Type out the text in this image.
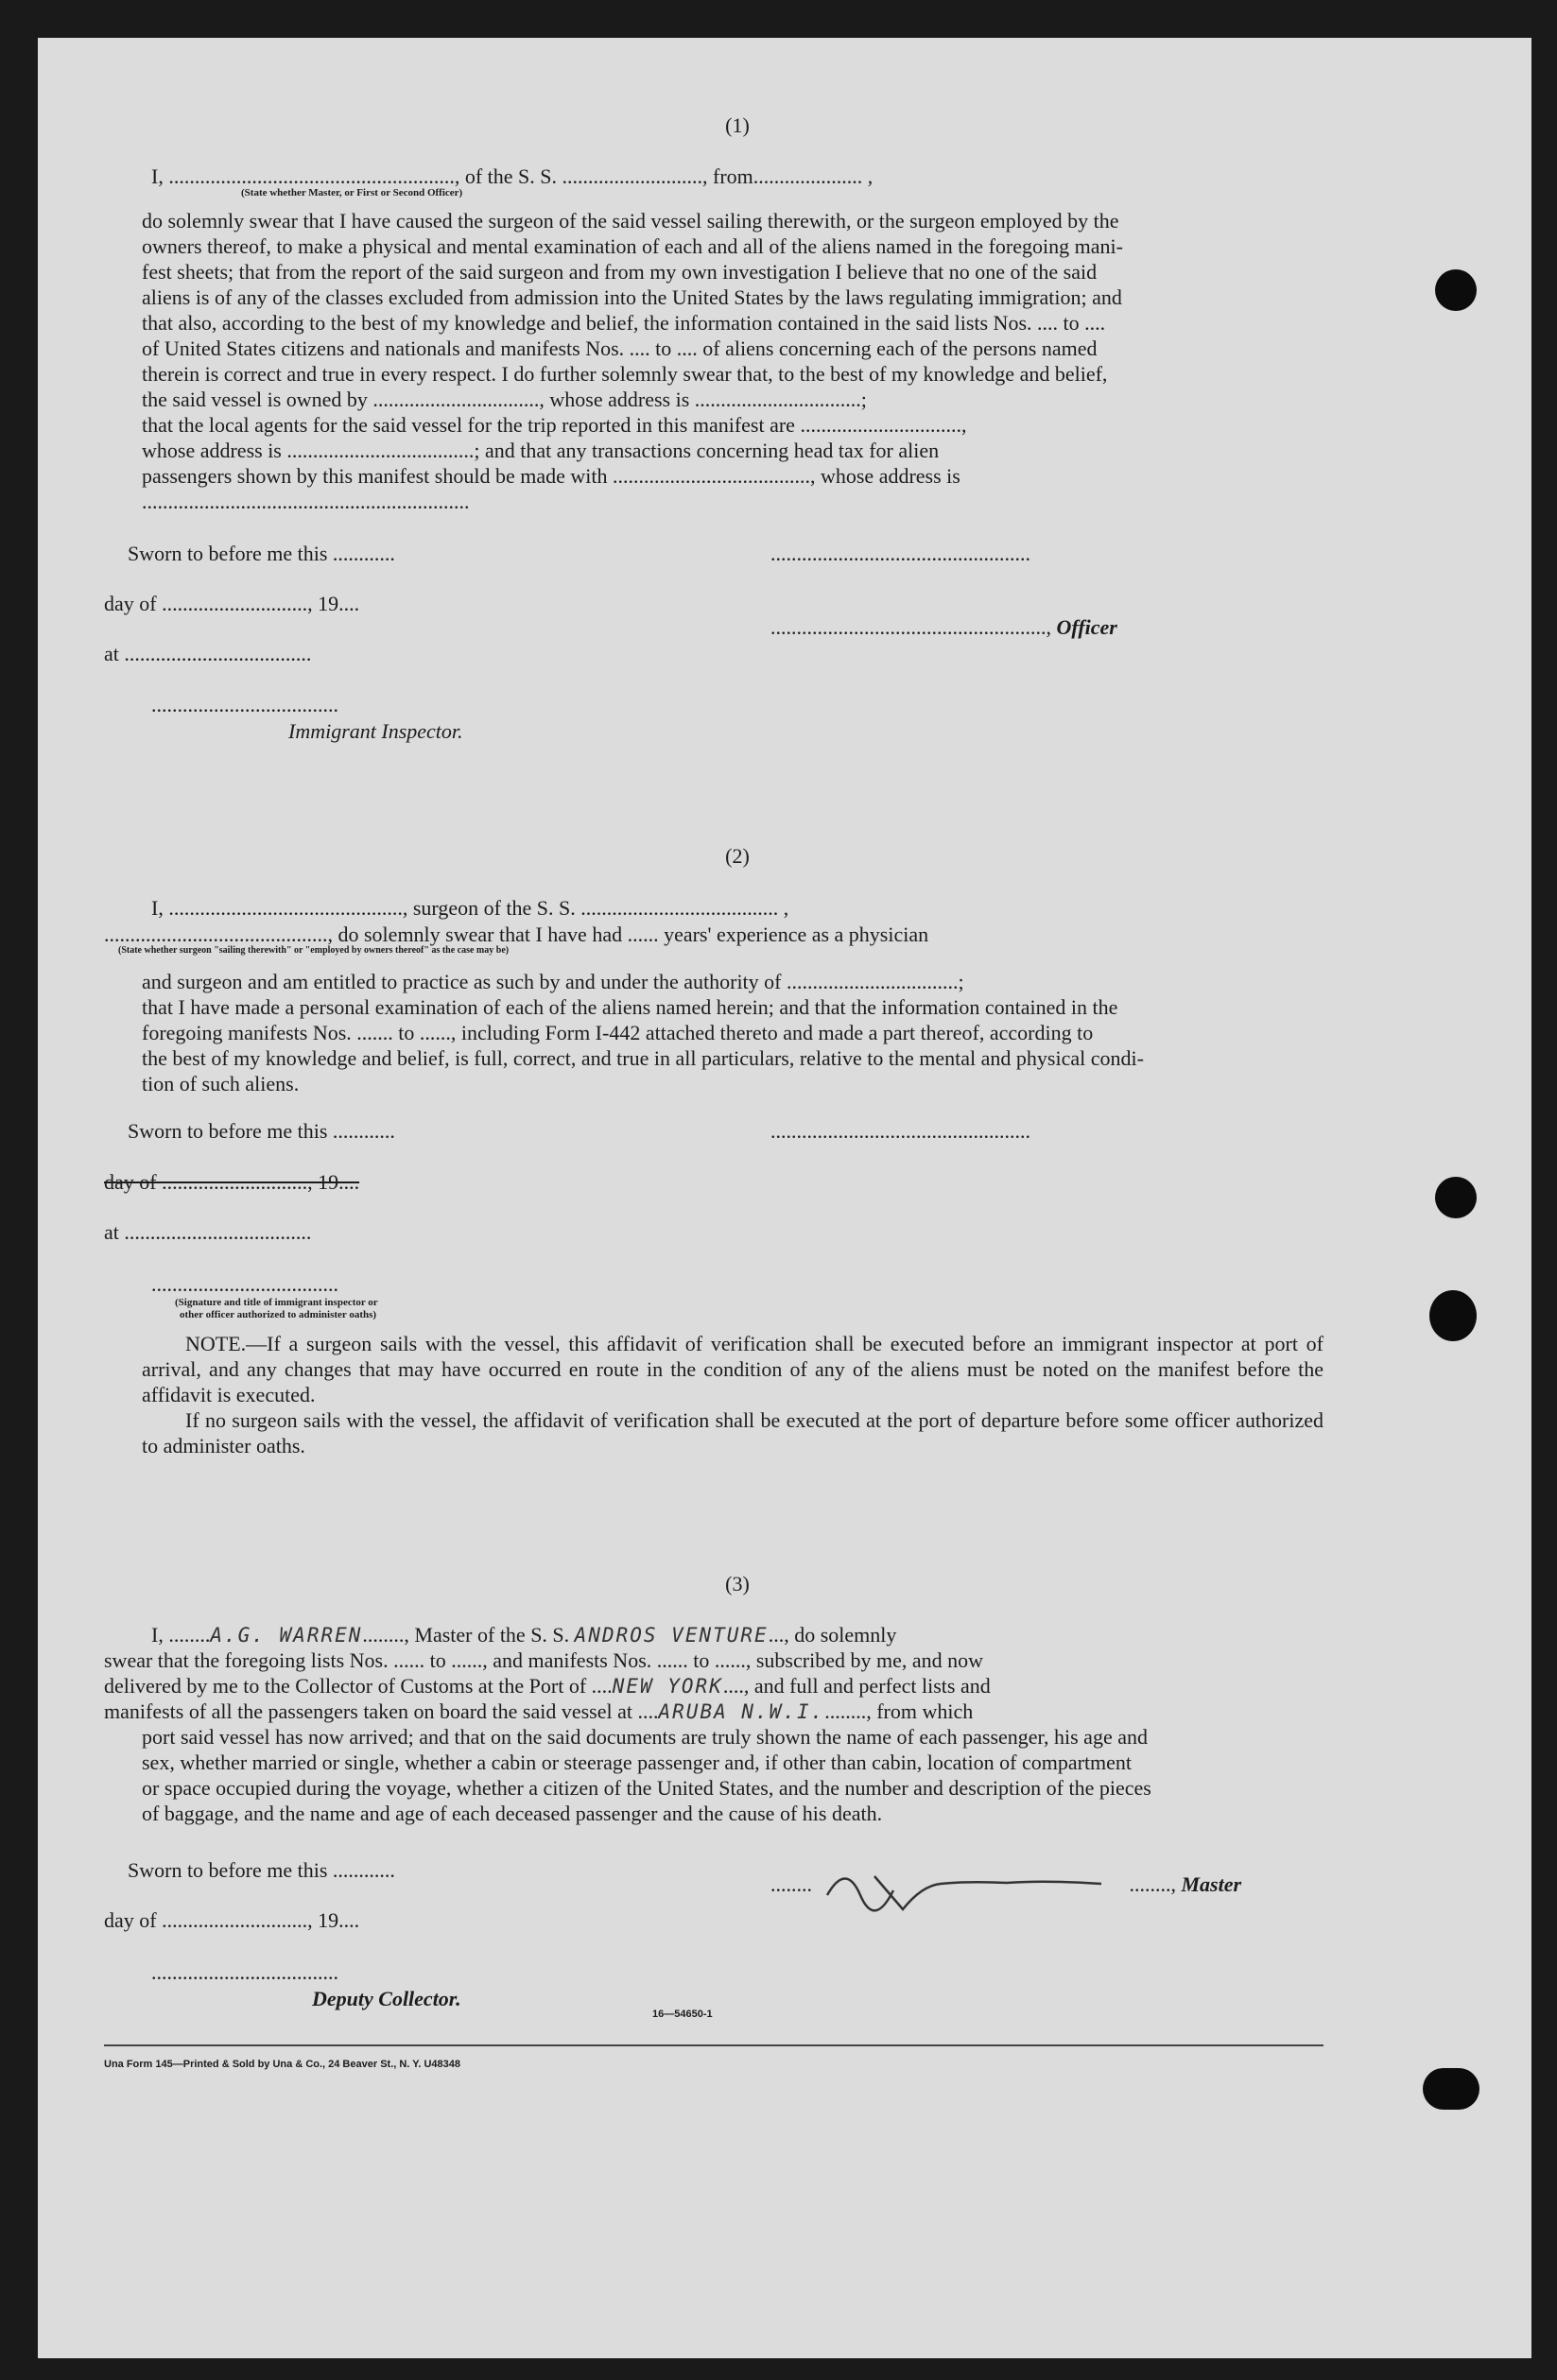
(1)
I, ......................................................., of the S. S. ..........................., from..................... ,
(State whether Master, or First or Second Officer)
do solemnly swear that I have caused the surgeon of the said vessel sailing therewith, or the surgeon employed by the
owners thereof, to make a physical and mental examination of each and all of the aliens named in the foregoing mani-
fest sheets; that from the report of the said surgeon and from my own investigation I believe that no one of the said
aliens is of any of the classes excluded from admission into the United States by the laws regulating immigration; and
that also, according to the best of my knowledge and belief, the information contained in the said lists Nos. .... to ....
of United States citizens and nationals and manifests Nos. .... to .... of aliens concerning each of the persons named
therein is correct and true in every respect. I do further solemnly swear that, to the best of my knowledge and belief,
the said vessel is owned by ................................, whose address is ................................;
that the local agents for the said vessel for the trip reported in this manifest are ...............................,
whose address is ....................................; and that any transactions concerning head tax for alien
passengers shown by this manifest should be made with ......................................, whose address is
...............................................................
Sworn to before me this ............	..................................................
day of ............................, 19....
....................................................., Officer
at ....................................
....................................
Immigrant Inspector.
(2)
I, ............................................., surgeon of the S. S. ...................................... ,
..........................................., do solemnly swear that I have had ...... years' experience as a physician
(State whether surgeon "sailing therewith" or "employed by owners thereof" as the case may be)
and surgeon and am entitled to practice as such by and under the authority of .................................;
that I have made a personal examination of each of the aliens named herein; and that the information contained in the
foregoing manifests Nos. ....... to ......, including Form I-442 attached thereto and made a part thereof, according to
the best of my knowledge and belief, is full, correct, and true in all particulars, relative to the mental and physical condi-
tion of such aliens.
Sworn to before me this ............	..................................................
day of ............................, 19....
at ....................................
....................................
(Signature and title of immigrant inspector or
other officer authorized to administer oaths)
NOTE.—If a surgeon sails with the vessel, this affidavit of verification shall be executed before an immigrant inspector at port of arrival, and any changes that may have occurred en route in the condition of any of the aliens must be noted on the manifest before the affidavit is executed.
If no surgeon sails with the vessel, the affidavit of verification shall be executed at the port of departure before some officer authorized to administer oaths.
(3)
I, ........A.G. WARREN........, Master of the S. S. ANDROS VENTURE..., do solemnly
swear that the foregoing lists Nos. ...... to ......, and manifests Nos. ...... to ......, subscribed by me, and now
delivered by me to the Collector of Customs at the Port of ....NEW YORK...., and full and perfect lists and
manifests of all the passengers taken on board the said vessel at ....ARUBA N.W.I........., from which
port said vessel has now arrived; and that on the said documents are truly shown the name of each passenger, his age and
sex, whether married or single, whether a cabin or steerage passenger and, if other than cabin, location of compartment
or space occupied during the voyage, whether a citizen of the United States, and the number and description of the pieces
of baggage, and the name and age of each deceased passenger and the cause of his death.
Sworn to before me this ............
........	........, Master
day of ............................, 19....
....................................
Deputy Collector.
16—54650-1
Una Form 145—Printed & Sold by Una & Co., 24 Beaver St., N. Y. U48348
